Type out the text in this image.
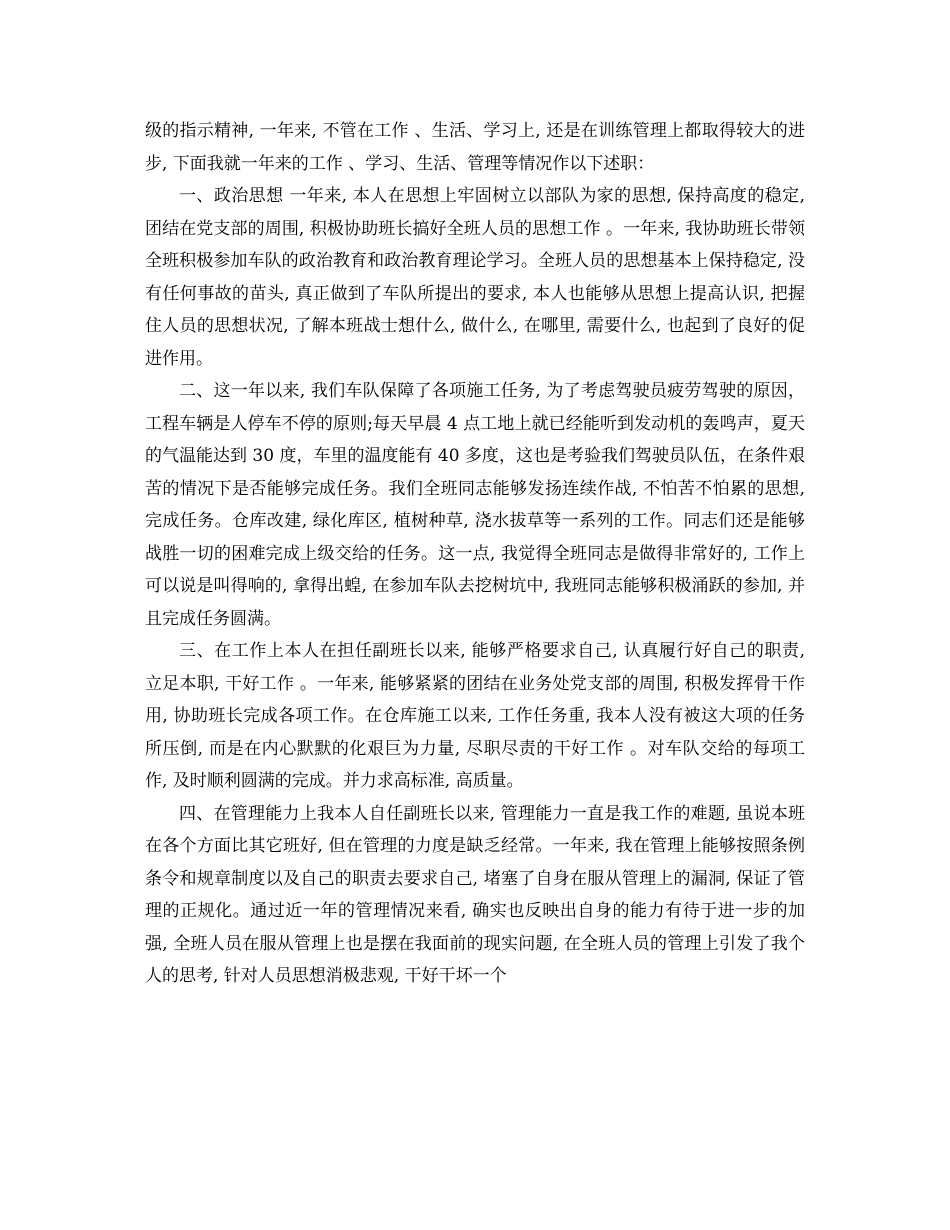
级的指示精神, 一年来, 不管在工作 、生活、学习上, 还是在训练管理上都取得较大的进步, 下面我就一年来的工作 、学习、生活、管理等情况作以下述职：

一、政治思想 一年来, 本人在思想上牢固树立以部队为家的思想, 保持高度的稳定, 团结在党支部的周围, 积极协助班长搞好全班人员的思想工作 。一年来, 我协助班长带领全班积极参加车队的政治教育和政治教育理论学习。全班人员的思想基本上保持稳定, 没有任何事故的苗头, 真正做到了车队所提出的要求, 本人也能够从思想上提高认识, 把握住人员的思想状况, 了解本班战士想什么, 做什么, 在哪里, 需要什么, 也起到了良好的促进作用。

二、这一年以来, 我们车队保障了各项施工任务, 为了考虑驾驶员疲劳驾驶的原因，工程车辆是人停车不停的原则;每天早晨 4 点工地上就已经能听到发动机的轰鸣声，夏天的气温能达到 30 度，车里的温度能有 40 多度，这也是考验我们驾驶员队伍，在条件艰苦的情况下是否能够完成任务。我们全班同志能够发扬连续作战, 不怕苦不怕累的思想, 完成任务。仓库改建, 绿化库区, 植树种草, 浇水拔草等一系列的工作。同志们还是能够战胜一切的困难完成上级交给的任务。这一点, 我觉得全班同志是做得非常好的, 工作上可以说是叫得响的, 拿得出蝗, 在参加车队去挖树坑中, 我班同志能够积极涌跃的参加, 并且完成任务圆满。

三、在工作上本人在担任副班长以来, 能够严格要求自己, 认真履行好自己的职责, 立足本职, 干好工作 。一年来, 能够紧紧的团结在业务处党支部的周围, 积极发挥骨干作用, 协助班长完成各项工作。在仓库施工以来, 工作任务重, 我本人没有被这大项的任务所压倒, 而是在内心默默的化艰巨为力量, 尽职尽责的干好工作 。对车队交给的每项工作, 及时顺利圆满的完成。并力求高标准, 高质量。

四、在管理能力上我本人自任副班长以来, 管理能力一直是我工作的难题, 虽说本班在各个方面比其它班好, 但在管理的力度是缺乏经常。一年来, 我在管理上能够按照条例条令和规章制度以及自己的职责去要求自己, 堵塞了自身在服从管理上的漏洞, 保证了管理的正规化。通过近一年的管理情况来看, 确实也反映出自身的能力有待于进一步的加强, 全班人员在服从管理上也是摆在我面前的现实问题, 在全班人员的管理上引发了我个人的思考, 针对人员思想消极悲观, 干好干坏一个
